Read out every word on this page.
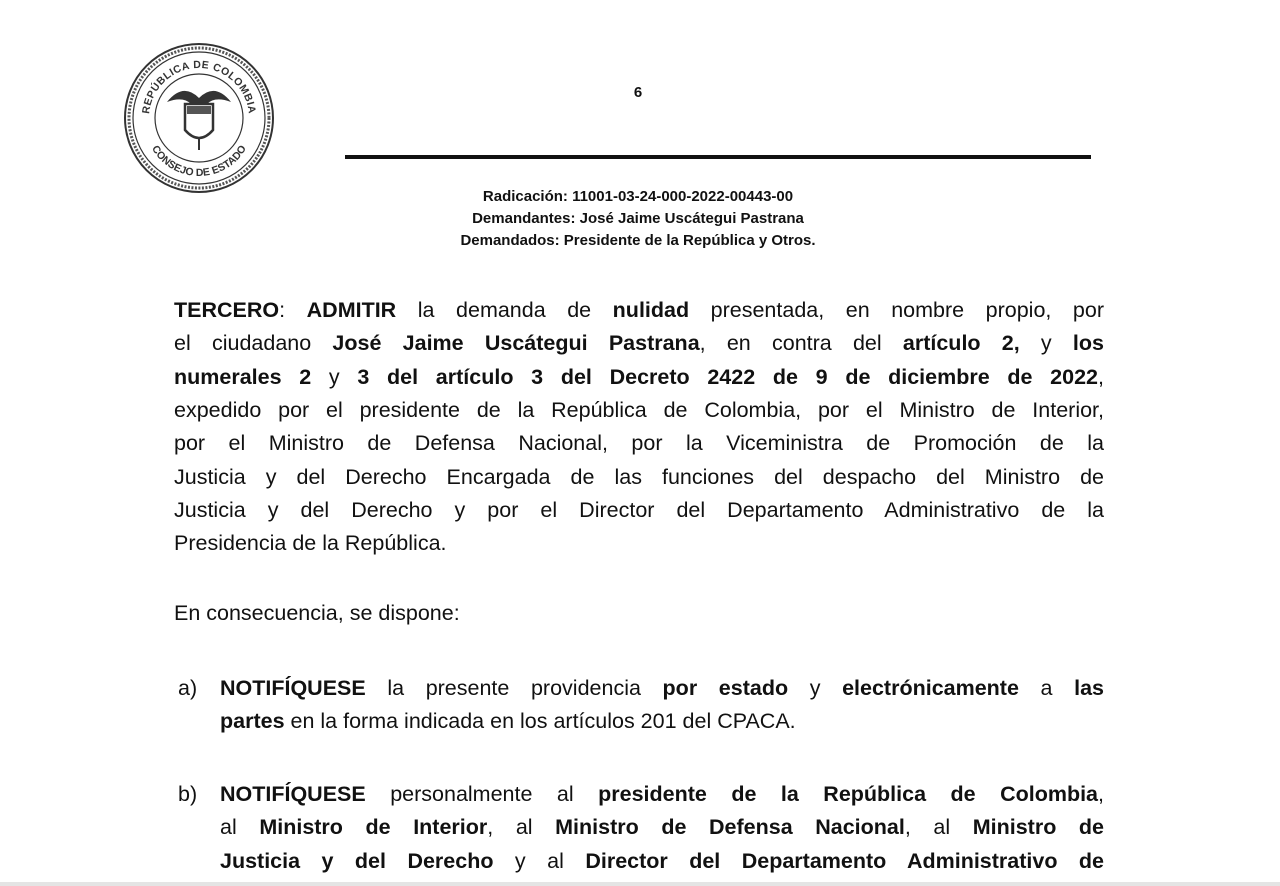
REPÚBLICA DE COLOMBIA
CONSEJO DE ESTADO
6
Radicación: 11001-03-24-000-2022-00443-00
Demandantes: José Jaime Uscátegui Pastrana
Demandados: Presidente de la República y Otros.
TERCERO: ADMITIR la demanda de nulidad presentada, en nombre propio, por
el ciudadano José Jaime Uscátegui Pastrana, en contra del artículo 2, y los
numerales 2 y 3 del artículo 3 del Decreto 2422 de 9 de diciembre de 2022,
expedido por el presidente de la República de Colombia, por el Ministro de Interior,
por el Ministro de Defensa Nacional, por la Viceministra de Promoción de la
Justicia y del Derecho Encargada de las funciones del despacho del Ministro de
Justicia y del Derecho y por el Director del Departamento Administrativo de la
Presidencia de la República.
En consecuencia, se dispone:
a) NOTIFÍQUESE la presente providencia por estado y electrónicamente a las
partes en la forma indicada en los artículos 201 del CPACA.
b) NOTIFÍQUESE personalmente al presidente de la República de Colombia,
al Ministro de Interior, al Ministro de Defensa Nacional, al Ministro de
Justicia y del Derecho y al Director del Departamento Administrativo de
